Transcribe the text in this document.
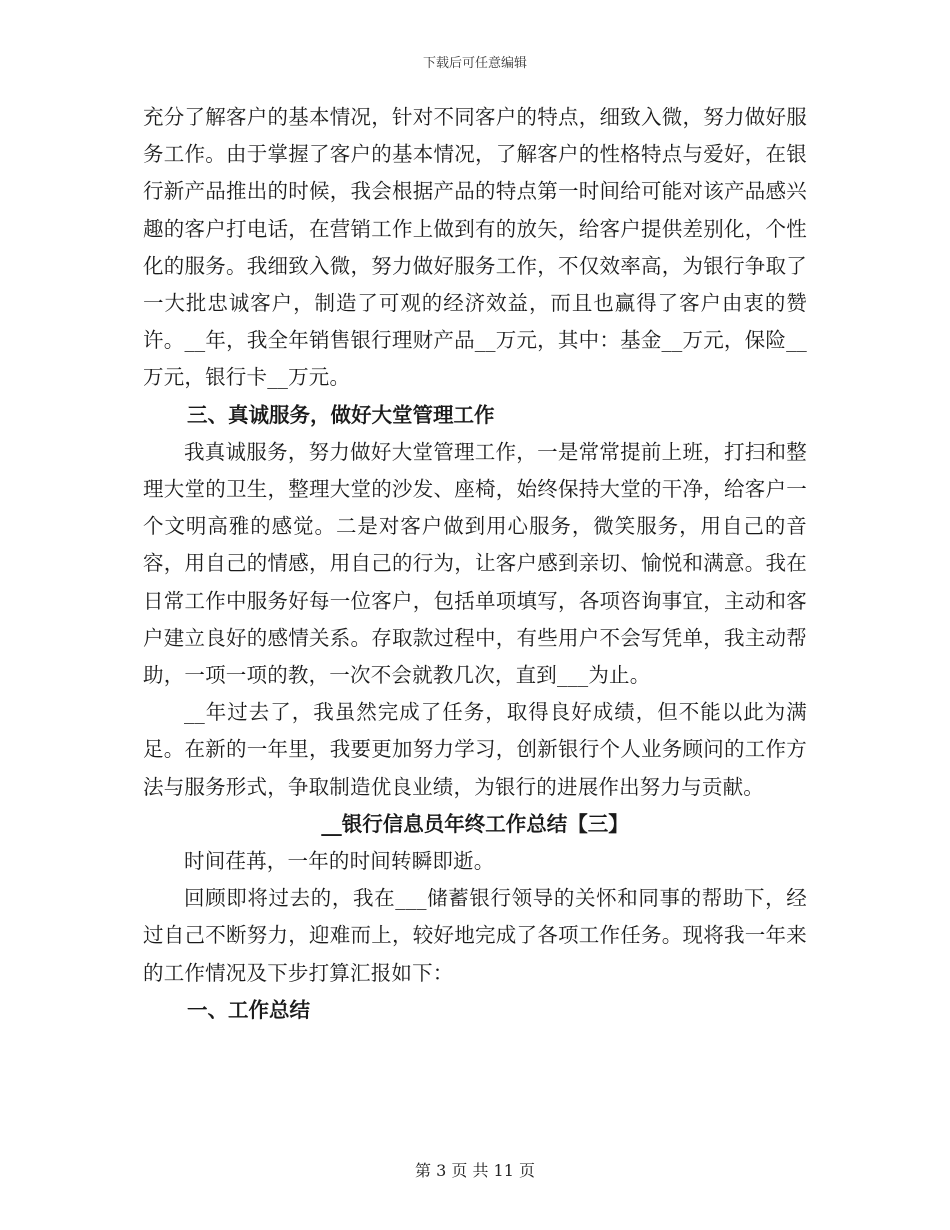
下载后可任意编辑

充分了解客户的基本情况，针对不同客户的特点，细致入微，努力做好服务工作。由于掌握了客户的基本情况，了解客户的性格特点与爱好，在银行新产品推出的时候，我会根据产品的特点第一时间给可能对该产品感兴趣的客户打电话，在营销工作上做到有的放矢，给客户提供差别化，个性化的服务。我细致入微，努力做好服务工作，不仅效率高，为银行争取了一大批忠诚客户，制造了可观的经济效益，而且也赢得了客户由衷的赞许。__年，我全年销售银行理财产品__万元，其中：基金__万元，保险__万元，银行卡__万元。

三、真诚服务，做好大堂管理工作

我真诚服务，努力做好大堂管理工作，一是常常提前上班，打扫和整理大堂的卫生，整理大堂的沙发、座椅，始终保持大堂的干净，给客户一个文明高雅的感觉。二是对客户做到用心服务，微笑服务，用自己的音容，用自己的情感，用自己的行为，让客户感到亲切、愉悦和满意。我在日常工作中服务好每一位客户，包括单项填写，各项咨询事宜，主动和客户建立良好的感情关系。存取款过程中，有些用户不会写凭单，我主动帮助，一项一项的教，一次不会就教几次，直到___为止。

__年过去了，我虽然完成了任务，取得良好成绩，但不能以此为满足。在新的一年里，我要更加努力学习，创新银行个人业务顾问的工作方法与服务形式，争取制造优良业绩，为银行的进展作出努力与贡献。

__银行信息员年终工作总结【三】

时间荏苒，一年的时间转瞬即逝。

回顾即将过去的，我在___储蓄银行领导的关怀和同事的帮助下，经过自己不断努力，迎难而上，较好地完成了各项工作任务。现将我一年来的工作情况及下步打算汇报如下：

一、工作总结

第 3 页 共 11 页
